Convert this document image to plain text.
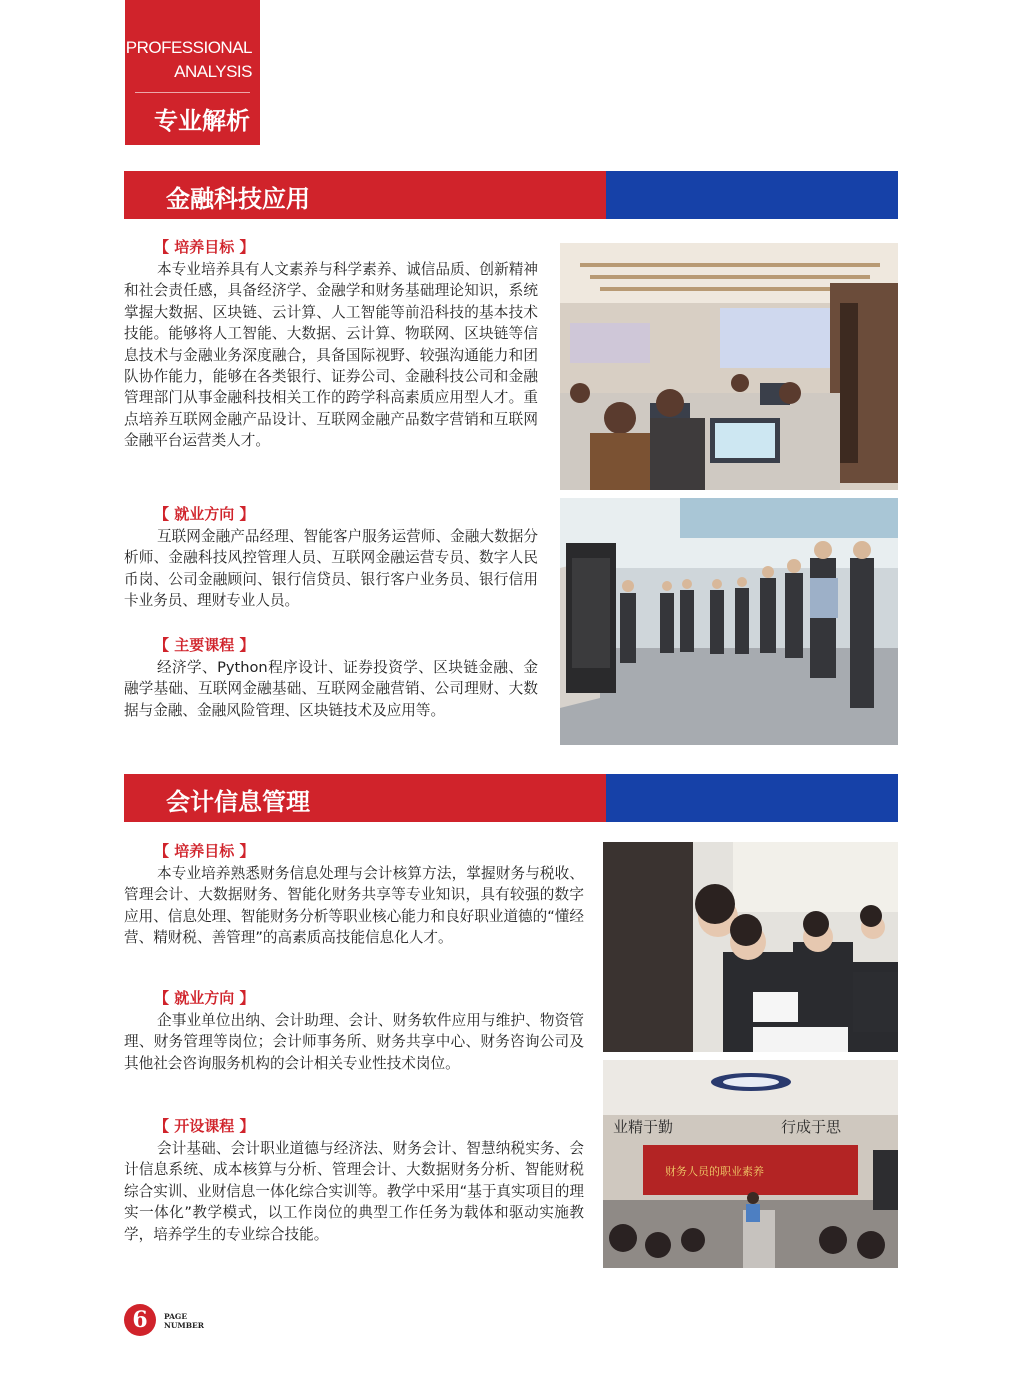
PROFESSIONAL
ANALYSIS
专业解析
金融科技应用
【 培养目标 】

本专业培养具有人文素养与科学素养、诚信品质、创新精神和社会责任感，具备经济学、金融学和财务基础理论知识，系统掌握大数据、区块链、云计算、人工智能等前沿科技的基本技术技能。能够将人工智能、大数据、云计算、物联网、区块链等信息技术与金融业务深度融合，具备国际视野、较强沟通能力和团队协作能力，能够在各类银行、证券公司、金融科技公司和金融管理部门从事金融科技相关工作的跨学科高素质应用型人才。重点培养互联网金融产品设计、互联网金融产品数字营销和互联网金融平台运营类人才。

【 就业方向 】

互联网金融产品经理、智能客户服务运营师、金融大数据分析师、金融科技风控管理人员、互联网金融运营专员、数字人民币岗、公司金融顾问、银行信贷员、银行客户业务员、银行信用卡业务员、理财专业人员。

【 主要课程 】

经济学、Python程序设计、证券投资学、区块链金融、金融学基础、互联网金融基础、互联网金融营销、公司理财、大数据与金融、金融风险管理、区块链技术及应用等。

会计信息管理
【 培养目标 】

本专业培养熟悉财务信息处理与会计核算方法，掌握财务与税收、管理会计、大数据财务、智能化财务共享等专业知识，具有较强的数字应用、信息处理、智能财务分析等职业核心能力和良好职业道德的“懂经营、精财税、善管理”的高素质高技能信息化人才。

【 就业方向 】

企事业单位出纳、会计助理、会计、财务软件应用与维护、物资管理、财务管理等岗位；会计师事务所、财务共享中心、财务咨询公司及其他社会咨询服务机构的会计相关专业性技术岗位。

【 开设课程 】

会计基础、会计职业道德与经济法、财务会计、智慧纳税实务、会计信息系统、成本核算与分析、管理会计、大数据财务分析、智能财税综合实训、业财信息一体化综合实训等。教学中采用“基于真实项目的理实一体化”教学模式，以工作岗位的典型工作任务为载体和驱动实施教学，培养学生的专业综合技能。

业精于勤	行成于思
财务人员的职业素养
6	PAGE
NUMBER
